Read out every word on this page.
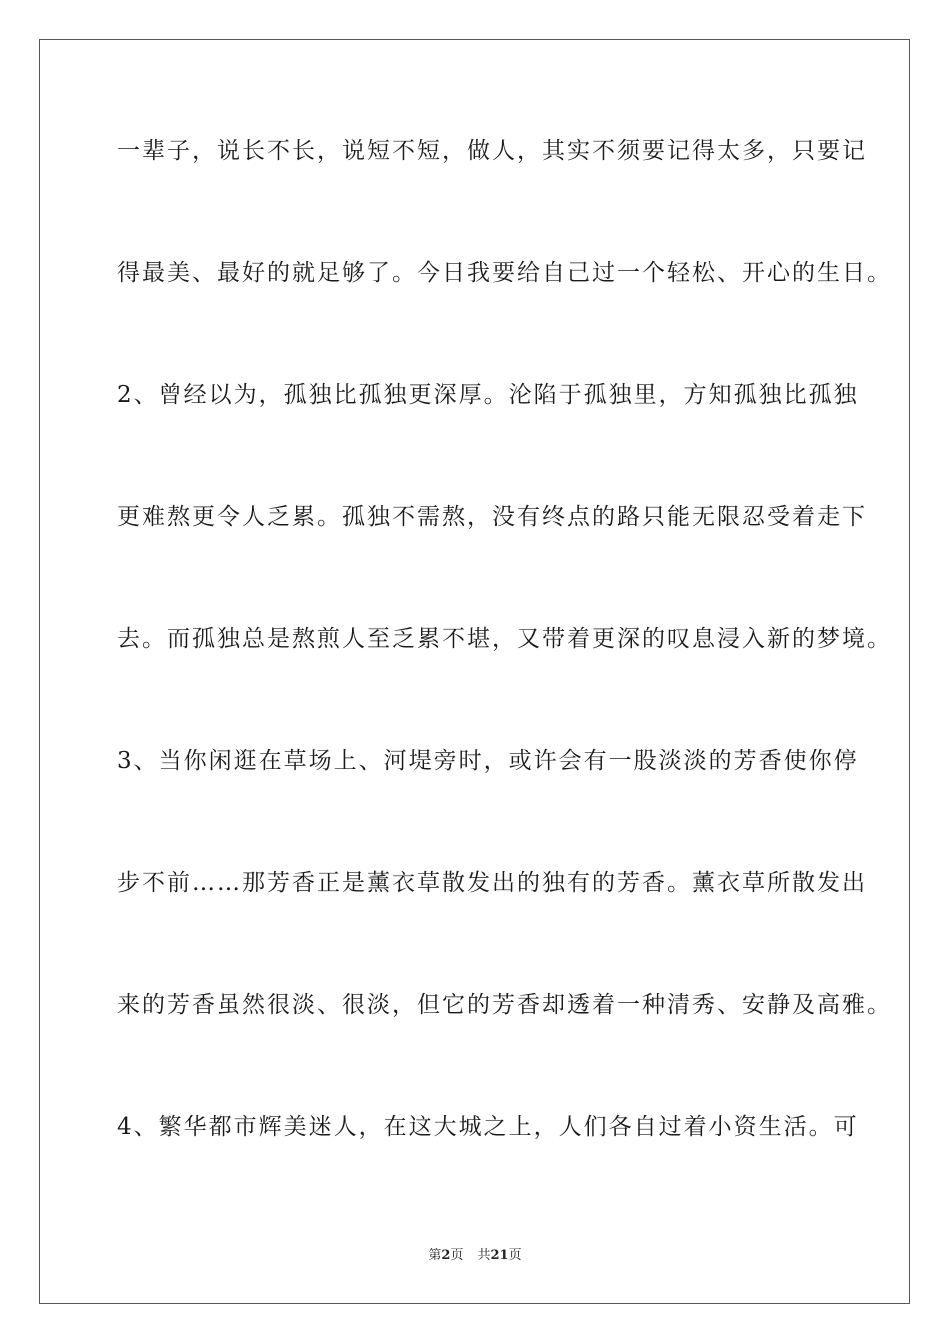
一辈子，说长不长，说短不短，做人，其实不须要记得太多，只要记
得最美、最好的就足够了。今日我要给自己过一个轻松、开心的生日。
2、曾经以为，孤独比孤独更深厚。沦陷于孤独里，方知孤独比孤独
更难熬更令人乏累。孤独不需熬，没有终点的路只能无限忍受着走下
去。而孤独总是熬煎人至乏累不堪，又带着更深的叹息浸入新的梦境。
3、当你闲逛在草场上、河堤旁时，或许会有一股淡淡的芳香使你停
步不前……那芳香正是薰衣草散发出的独有的芳香。薰衣草所散发出
来的芳香虽然很淡、很淡，但它的芳香却透着一种清秀、安静及高雅。
4、繁华都市辉美迷人，在这大城之上，人们各自过着小资生活。可
第2页 共21页
